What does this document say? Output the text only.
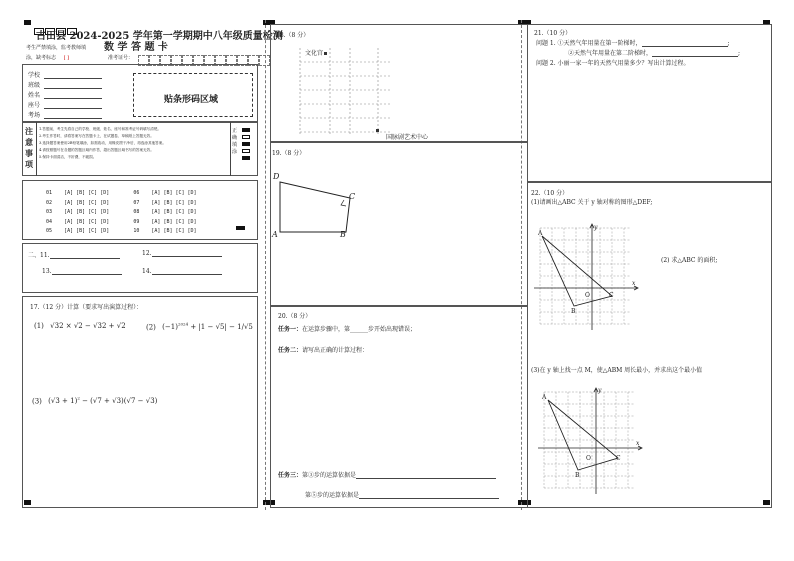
古田县 2024-2025 学年第一学期期中八年级质量检测
数 学 答 题 卡
考生严禁填涂，监考教师填
涂，缺考标志 [ ]	准考证号：
学校
班级
姓名
座号
考场
贴条形码区域
注意事项
1.答题前，考生先将自己的学校、班级、姓名、座号和准考证号码填写清楚。
2.考生作答时，请将答案写在答题卡上，在试题卷、草稿纸上答题无效。
3.选择题答案使用2B铅笔填涂，如需改动，用橡皮擦干净后，再选涂其他答案。
4.请按照题号在各题的答题区域内作答，超出答题区域书写的答案无效。
5.保持卡面清洁，不折叠，不破损。
正确填涂
01 [A] [B] [C] [D]	06 [A] [B] [C] [D]
02 [A] [B] [C] [D]	07 [A] [B] [C] [D]
03 [A] [B] [C] [D]	08 [A] [B] [C] [D]
04 [A] [B] [C] [D]	09 [A] [B] [C] [D]
05 [A] [B] [C] [D]	10 [A] [B] [C] [D]
二、11.	12.
13.	14.
17.（12 分）计算（要求写出演算过程）：
(1) √32 × √2 − √32 + √2	(2) $(-1)^{2024} + |1 - √5| - 1/√5$
(3) $(√3 + 1)^2 - (√7 + √3)(√7 - √3)$
18.（8 分）
文化宫
国脉剧艺术中心
19.（8 分）
D
C
A	B
20.（8 分）
任务一：在运算步骤中，第______步开始出现错误；
任务二：请写出正确的计算过程：
任务三：第③步的运算依据是
第⑤步的运算依据是
21.（10 分）
问题 1. ①天然气年用量在第一阶梯时，	;
②天然气年用量在第二阶梯时，	;
问题 2. 小丽一家一年的天然气用量多少？写出计算过程。
22.（10 分）
(1)请画出△ABC 关于 y 轴对称的图形△DEF;
(2) 求△ABC 的面积;
y
x
A
C
B
O
(3)在 y 轴上找一点 M，使△ABM 周长最小，并求出这个最小值
y
x
A
C
B
O
